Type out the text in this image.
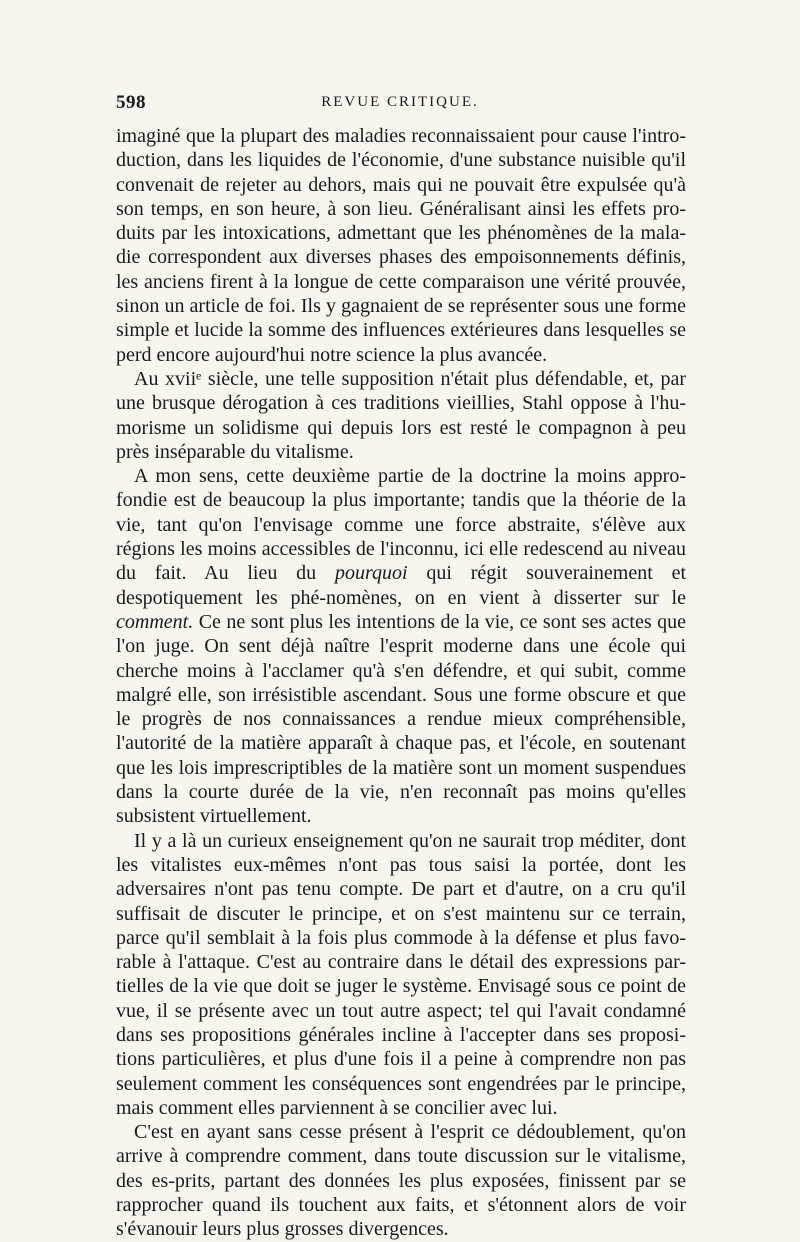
598	REVUE CRITIQUE.

imaginé que la plupart des maladies reconnaissaient pour cause l'intro-duction, dans les liquides de l'économie, d'une substance nuisible qu'il convenait de rejeter au dehors, mais qui ne pouvait être expulsée qu'à son temps, en son heure, à son lieu. Généralisant ainsi les effets pro-duits par les intoxications, admettant que les phénomènes de la mala-die correspondent aux diverses phases des empoisonnements définis, les anciens firent à la longue de cette comparaison une vérité prouvée, sinon un article de foi. Ils y gagnaient de se représenter sous une forme simple et lucide la somme des influences extérieures dans lesquelles se perd encore aujourd'hui notre science la plus avancée.

Au xviiᵉ siècle, une telle supposition n'était plus défendable, et, par une brusque dérogation à ces traditions vieillies, Stahl oppose à l'hu-morisme un solidisme qui depuis lors est resté le compagnon à peu près inséparable du vitalisme.

A mon sens, cette deuxième partie de la doctrine la moins appro-fondie est de beaucoup la plus importante; tandis que la théorie de la vie, tant qu'on l'envisage comme une force abstraite, s'élève aux régions les moins accessibles de l'inconnu, ici elle redescend au niveau du fait. Au lieu du pourquoi qui régit souverainement et despotiquement les phé-nomènes, on en vient à disserter sur le comment. Ce ne sont plus les intentions de la vie, ce sont ses actes que l'on juge. On sent déjà naître l'esprit moderne dans une école qui cherche moins à l'acclamer qu'à s'en défendre, et qui subit, comme malgré elle, son irrésistible ascendant. Sous une forme obscure et que le progrès de nos connaissances a rendue mieux compréhensible, l'autorité de la matière apparaît à chaque pas, et l'école, en soutenant que les lois imprescriptibles de la matière sont un moment suspendues dans la courte durée de la vie, n'en reconnaît pas moins qu'elles subsistent virtuellement.

Il y a là un curieux enseignement qu'on ne saurait trop méditer, dont les vitalistes eux-mêmes n'ont pas tous saisi la portée, dont les adversaires n'ont pas tenu compte. De part et d'autre, on a cru qu'il suffisait de discuter le principe, et on s'est maintenu sur ce terrain, parce qu'il semblait à la fois plus commode à la défense et plus favo-rable à l'attaque. C'est au contraire dans le détail des expressions par-tielles de la vie que doit se juger le système. Envisagé sous ce point de vue, il se présente avec un tout autre aspect; tel qui l'avait condamné dans ses propositions générales incline à l'accepter dans ses proposi-tions particulières, et plus d'une fois il a peine à comprendre non pas seulement comment les conséquences sont engendrées par le principe, mais comment elles parviennent à se concilier avec lui.

C'est en ayant sans cesse présent à l'esprit ce dédoublement, qu'on arrive à comprendre comment, dans toute discussion sur le vitalisme, des es-prits, partant des données les plus exposées, finissent par se rapprocher quand ils touchent aux faits, et s'étonnent alors de voir s'évanouir leurs plus grosses divergences.
